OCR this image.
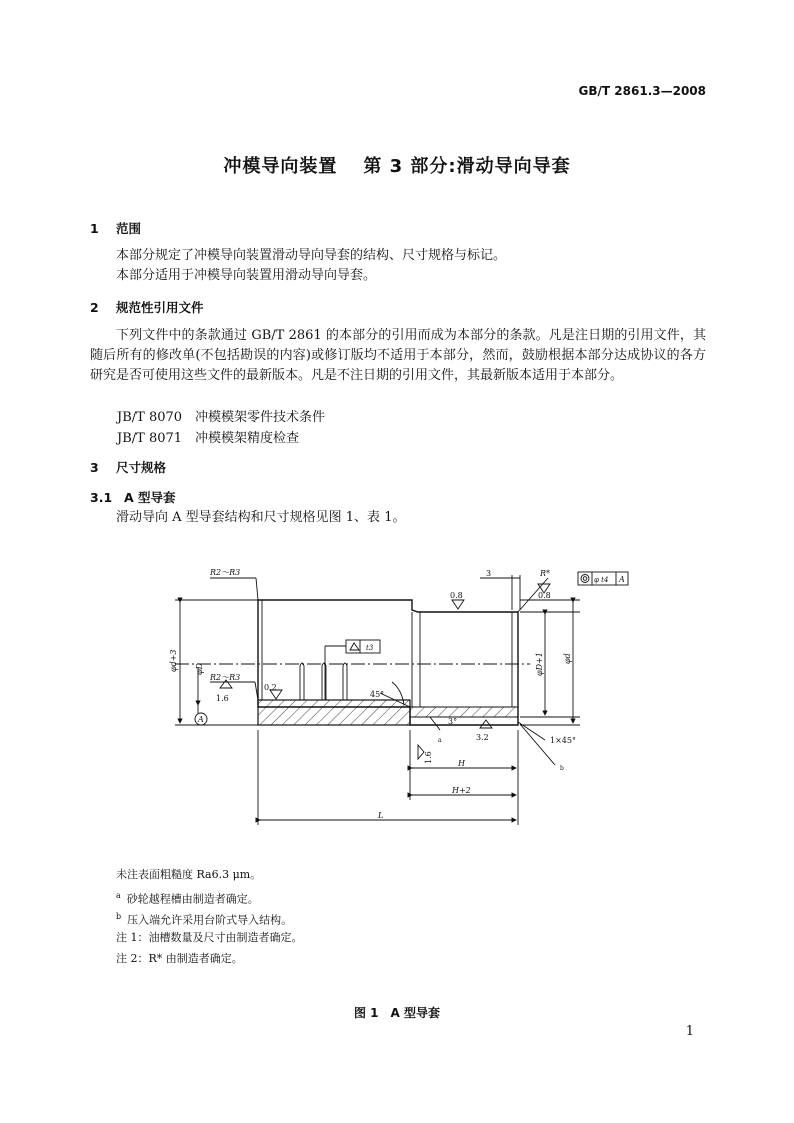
GB/T 2861.3—2008
冲模导向装置 第 3 部分:滑动导向导套
1 范围
本部分规定了冲模导向装置滑动导向导套的结构、尺寸规格与标记。
本部分适用于冲模导向装置用滑动导向导套。
2 规范性引用文件
下列文件中的条款通过 GB/T 2861 的本部分的引用而成为本部分的条款。凡是注日期的引用文件，其随后所有的修改单(不包括勘误的内容)或修订版均不适用于本部分，然而，鼓励根据本部分达成协议的各方研究是否可使用这些文件的最新版本。凡是不注日期的引用文件，其最新版本适用于本部分。
JB/T 8070 冲模模架零件技术条件
JB/T 8071 冲模模架精度检查
3 尺寸规格
3.1 A 型导套
滑动导向 A 型导套结构和尺寸规格见图 1、表 1。
R2～R3
R2～R3
3	R*
0.8	0.8
0.2
1.6
3.2
45°
3°
1×45°
H
H+2
L
A
t3
φ t4 A
a
b
φd+3 φD	φD+1 φd
1.6
未注表面粗糙度 Ra6.3 μm。
$^a$ 砂轮越程槽由制造者确定。
$^b$ 压入端允许采用台阶式导入结构。
注 1：油槽数量及尺寸由制造者确定。
注 2：R* 由制造者确定。
图 1　A 型导套
1
